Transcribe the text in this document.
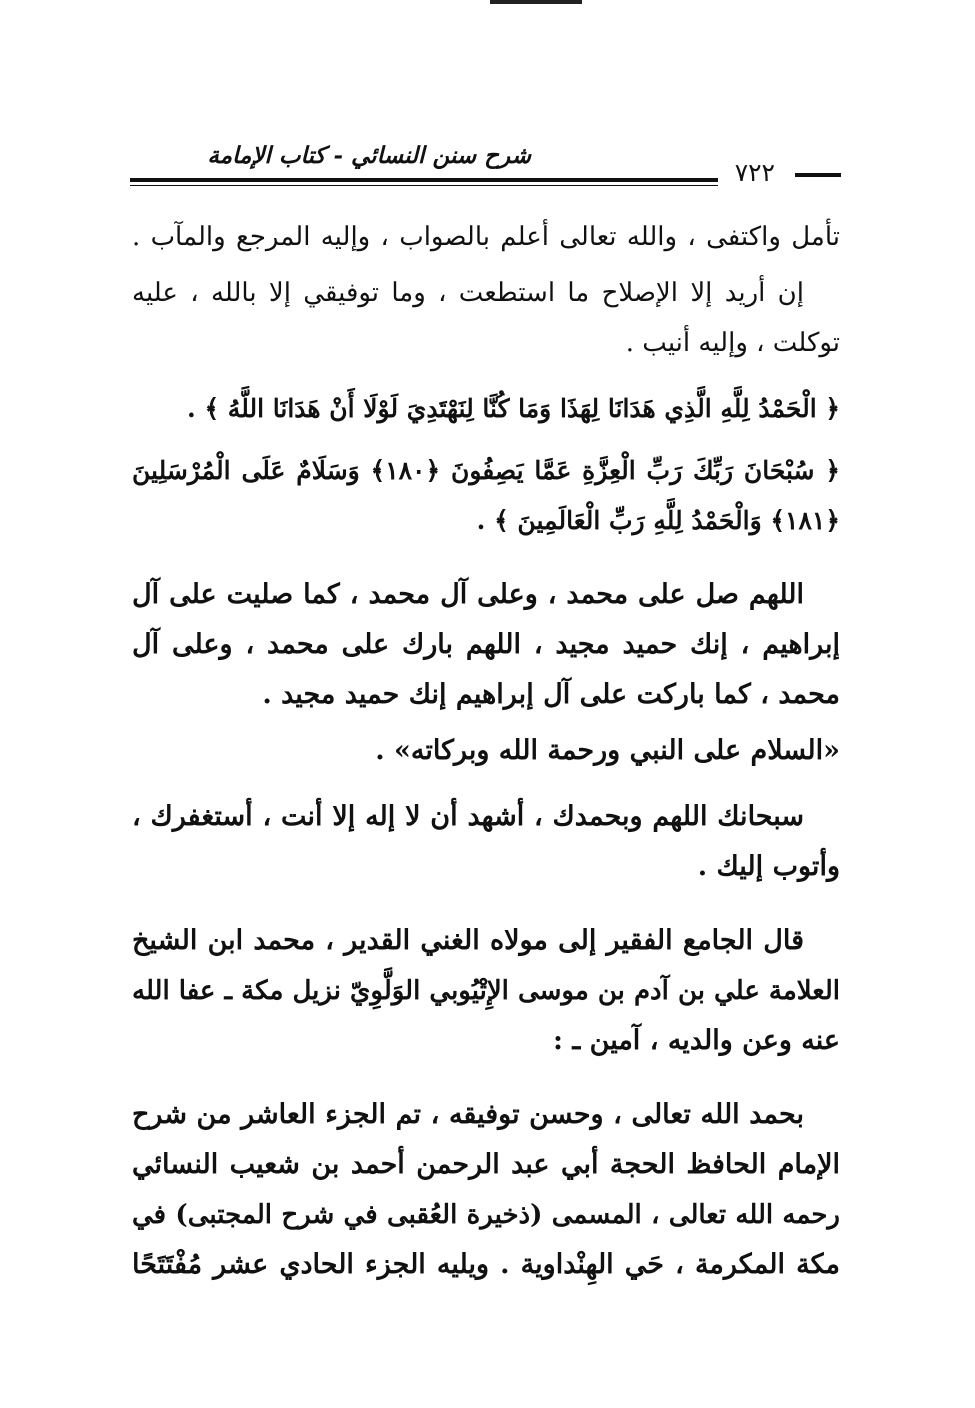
شرح سنن النسائي - كتاب الإمامة
٧٢٢
تأمل واكتفى ، والله تعالى أعلم بالصواب ، وإليه المرجع والمآب .
إن أريد إلا الإصلاح ما استطعت ، وما توفيقي إلا بالله ، عليه
توكلت ، وإليه أنيب .
﴿ الْحَمْدُ لِلَّهِ الَّذِي هَدَانَا لِهَذَا وَمَا كُنَّا لِنَهْتَدِيَ لَوْلَا أَنْ هَدَانَا اللَّهُ ﴾ .
﴿ سُبْحَانَ رَبِّكَ رَبِّ الْعِزَّةِ عَمَّا يَصِفُونَ ﴿١٨٠﴾ وَسَلَامٌ عَلَى الْمُرْسَلِينَ
﴿١٨١﴾ وَالْحَمْدُ لِلَّهِ رَبِّ الْعَالَمِينَ ﴾ .
اللهم صل على محمد ، وعلى آل محمد ، كما صليت على آل
إبراهيم ، إنك حميد مجيد ، اللهم بارك على محمد ، وعلى آل
محمد ، كما باركت على آل إبراهيم إنك حميد مجيد .
«السلام على النبي ورحمة الله وبركاته» .
سبحانك اللهم وبحمدك ، أشهد أن لا إله إلا أنت ، أستغفرك ،
وأتوب إليك .
قال الجامع الفقير إلى مولاه الغني القدير ، محمد ابن الشيخ
العلامة علي بن آدم بن موسى الإِتْيُوبي الوَلَّوِيّ نزيل مكة ـ عفا الله
عنه وعن والديه ، آمين ـ :
بحمد الله تعالى ، وحسن توفيقه ، تم الجزء العاشر من شرح
الإمام الحافظ الحجة أبي عبد الرحمن أحمد بن شعيب النسائي
رحمه الله تعالى ، المسمى (ذخيرة العُقبى في شرح المجتبى) في
مكة المكرمة ، حَي الهِنْداوية . ويليه الجزء الحادي عشر مُفْتَتَحًا
